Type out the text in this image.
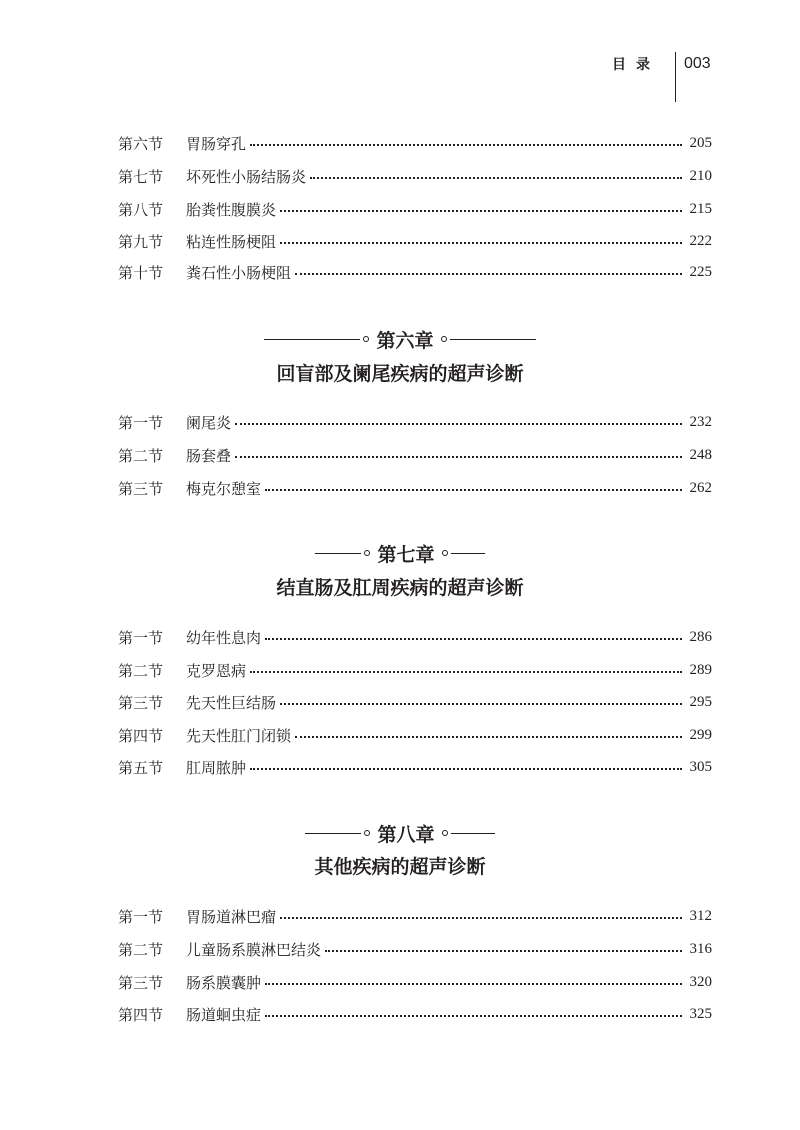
目录 003
第六节	胃肠穿孔	205
第七节	坏死性小肠结肠炎	210
第八节	胎粪性腹膜炎	215
第九节	粘连性肠梗阻	222
第十节	粪石性小肠梗阻	225
第六章
回盲部及阑尾疾病的超声诊断
第一节	阑尾炎	232
第二节	肠套叠	248
第三节	梅克尔憩室	262
第七章
结直肠及肛周疾病的超声诊断
第一节	幼年性息肉	286
第二节	克罗恩病	289
第三节	先天性巨结肠	295
第四节	先天性肛门闭锁	299
第五节	肛周脓肿	305
第八章
其他疾病的超声诊断
第一节	胃肠道淋巴瘤	312
第二节	儿童肠系膜淋巴结炎	316
第三节	肠系膜囊肿	320
第四节	肠道蛔虫症	325
